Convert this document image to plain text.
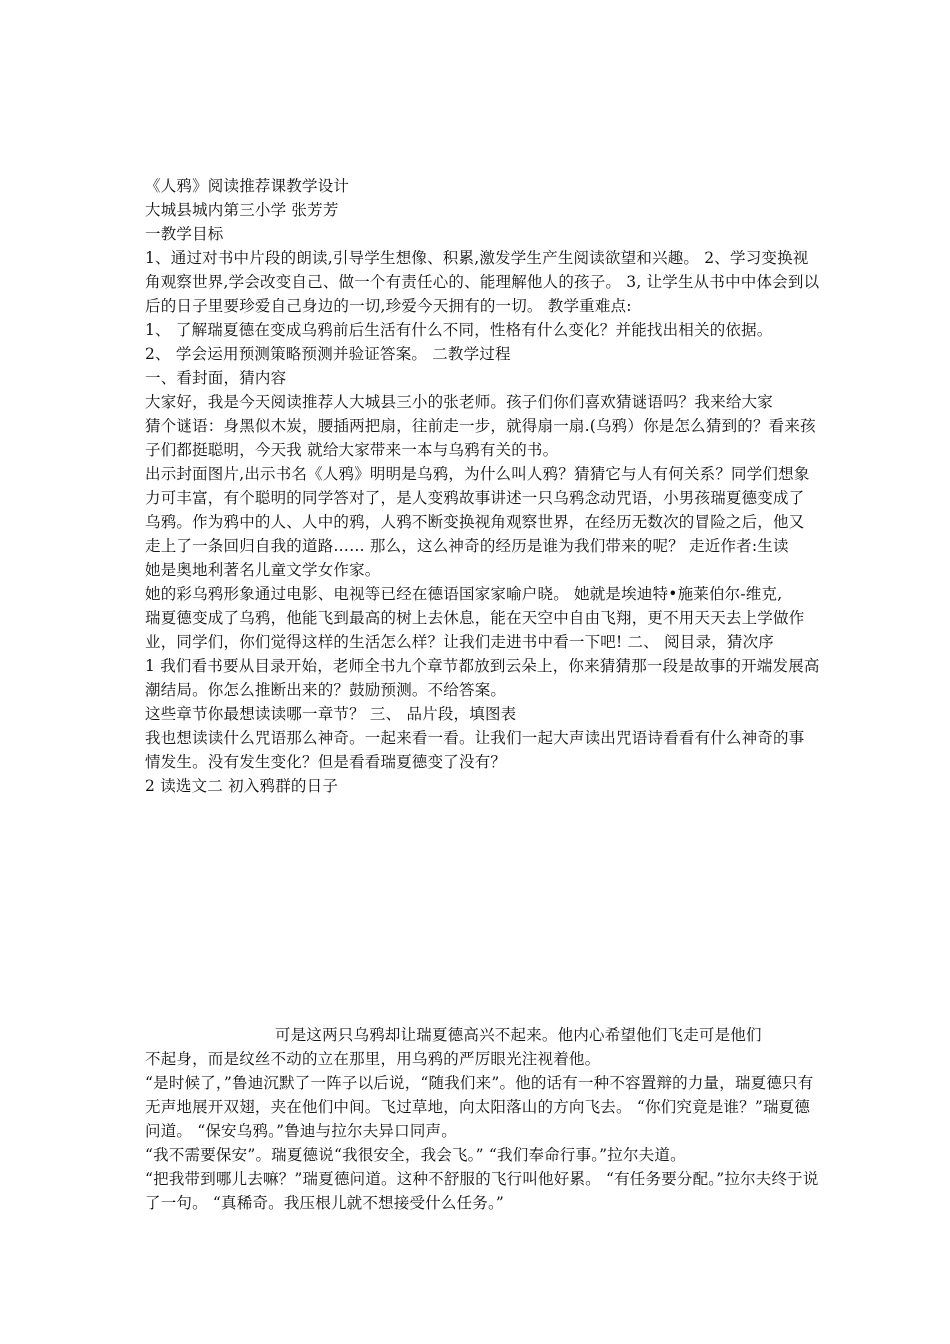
《人鸦》阅读推荐课教学设计

大城县城内第三小学 张芳芳

一教学目标

1、通过对书中片段的朗读,引导学生想像、积累,激发学生产生阅读欲望和兴趣。 2、学习变换视角观察世界,学会改变自己、做一个有责任心的、能理解他人的孩子。 3, 让学生从书中中体会到以后的日子里要珍爱自己身边的一切,珍爱今天拥有的一切。 教学重难点:

1、 了解瑞夏德在变成乌鸦前后生活有什么不同，性格有什么变化？并能找出相关的依据。

2、 学会运用预测策略预测并验证答案。 二教学过程

一、看封面，猜内容

大家好，我是今天阅读推荐人大城县三小的张老师。孩子们你们喜欢猜谜语吗？我来给大家

猜个谜语：身黑似木炭，腰插两把扇，往前走一步，就得扇一扇.(乌鸦）你是怎么猜到的？看来孩子们都挺聪明，今天我 就给大家带来一本与乌鸦有关的书。

出示封面图片,出示书名《人鸦》明明是乌鸦，为什么叫人鸦？猜猜它与人有何关系？同学们想象力可丰富，有个聪明的同学答对了，是人变鸦故事讲述一只乌鸦念动咒语，小男孩瑞夏德变成了乌鸦。作为鸦中的人、人中的鸦，人鸦不断变换视角观察世界，在经历无数次的冒险之后，他又走上了一条回归自我的道路…… 那么，这么神奇的经历是谁为我们带来的呢？ 走近作者:生读

她是奥地利著名儿童文学女作家。

她的彩乌鸦形象通过电影、电视等已经在德语国家家喻户晓。 她就是埃迪特•施莱伯尔-维克,

瑞夏德变成了乌鸦，他能飞到最高的树上去休息，能在天空中自由飞翔，更不用天天去上学做作业，同学们，你们觉得这样的生活怎么样？让我们走进书中看一下吧! 二、 阅目录，猜次序

1 我们看书要从目录开始，老师全书九个章节都放到云朵上，你来猜猜那一段是故事的开端发展高潮结局。你怎么推断出来的？鼓励预测。不给答案。

这些章节你最想读读哪一章节？ 三、 品片段，填图表

我也想读读什么咒语那么神奇。一起来看一看。让我们一起大声读出咒语诗看看有什么神奇的事情发生。没有发生变化？但是看看瑞夏德变了没有？

2 读选文二 初入鸦群的日子

可是这两只乌鸦却让瑞夏德高兴不起来。他内心希望他们飞走可是他们

不起身，而是纹丝不动的立在那里，用乌鸦的严厉眼光注视着他。

“是时候了，”鲁迪沉默了一阵子以后说，“随我们来”。他的话有一种不容置辩的力量，瑞夏德只有无声地展开双翅，夹在他们中间。飞过草地，向太阳落山的方向飞去。 “你们究竟是谁？”瑞夏德问道。 “保安乌鸦。”鲁迪与拉尔夫异口同声。

“我不需要保安”。瑞夏德说“我很安全，我会飞。” “我们奉命行事。”拉尔夫道。

“把我带到哪儿去嘛？”瑞夏德问道。这种不舒服的飞行叫他好累。 “有任务要分配。”拉尔夫终于说了一句。 “真稀奇。我压根儿就不想接受什么任务。”
